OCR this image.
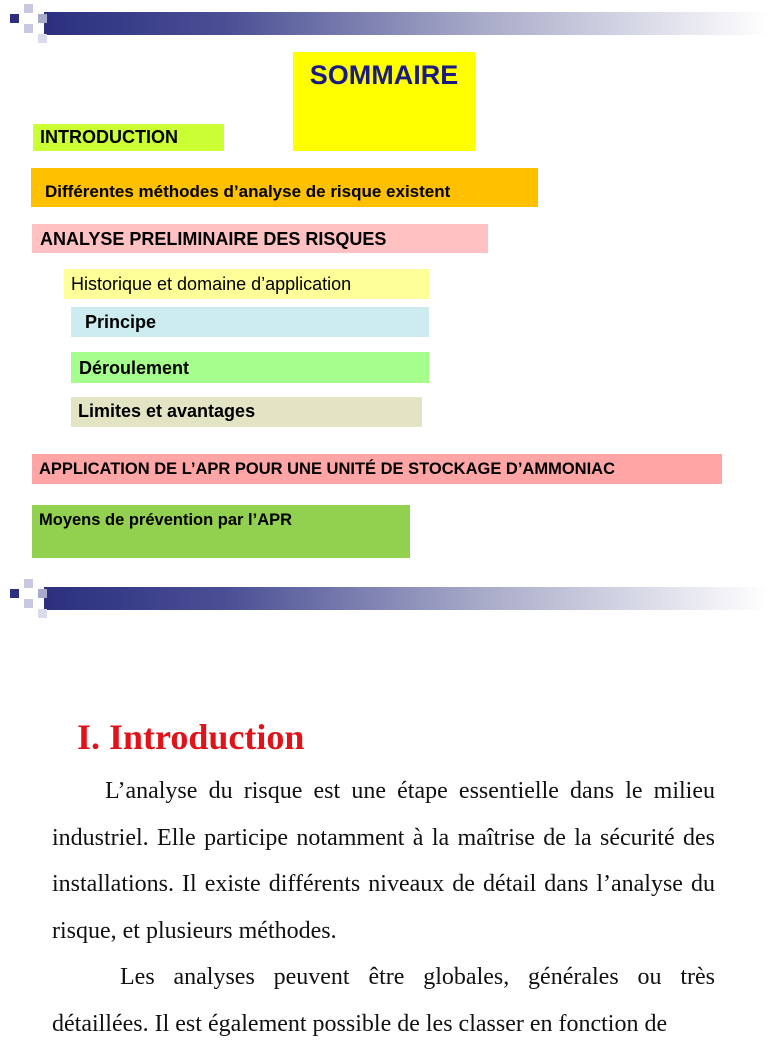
SOMMAIRE
INTRODUCTION
Différentes méthodes d’analyse de risque existent
ANALYSE PRELIMINAIRE DES RISQUES
Historique et domaine d’application
Principe
Déroulement
Limites et avantages
APPLICATION DE L’APR POUR UNE UNITÉ DE STOCKAGE D’AMMONIAC
Moyens de prévention par l’APR
I. Introduction

L’analyse du risque est une étape essentielle dans le milieu industriel. Elle participe notamment à la maîtrise de la sécurité des installations. Il existe différents niveaux de détail dans l’analyse du risque, et plusieurs méthodes.

Les analyses peuvent être globales, générales ou très détaillées. Il est également possible de les classer en fonction de
